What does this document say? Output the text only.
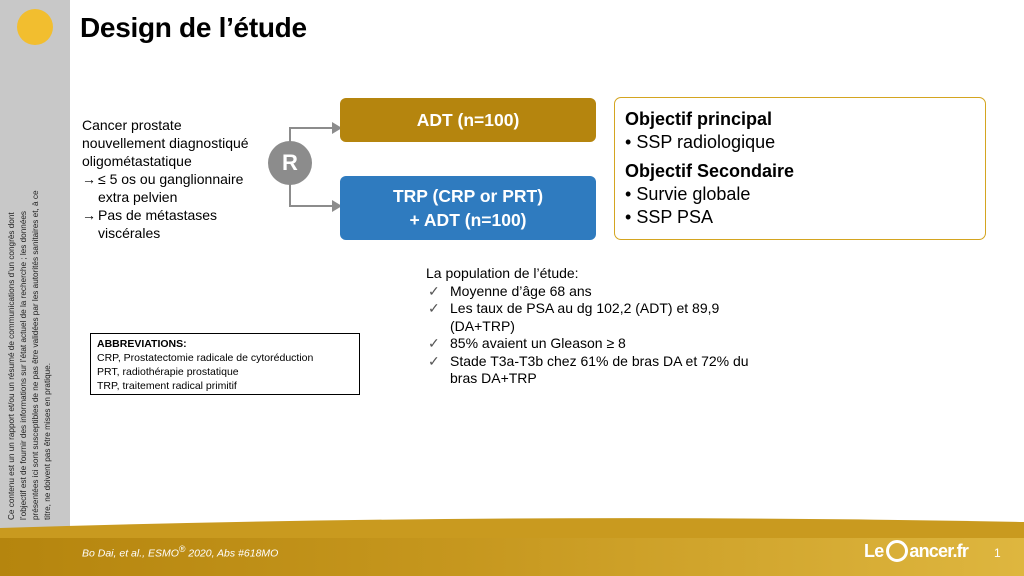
Ce contenu est un un rapport et/ou un résumé de communications d’un congrès dont l’objectif est de fournir des informations sur l’état actuel de la recherche ; les données présentées ici sont susceptibles de ne pas être validées par les autorités sanitaires et, à ce titre, ne doivent pas être mises en pratique.
Design de l’étude
Cancer prostate
nouvellement diagnostiqué
oligométastatique
→ ≤ 5 os ou ganglionnaire
extra pelvien
→ Pas de métastases
viscérales
R
ADT (n=100)
TRP (CRP or PRT)
+ ADT (n=100)
Objectif principal
• SSP radiologique
Objectif Secondaire
• Survie globale
• SSP PSA
ABBREVIATIONS:
CRP, Prostatectomie radicale de cytoréduction
PRT, radiothérapie prostatique
TRP, traitement radical primitif
La population de l’étude:
✓ Moyenne d’âge 68 ans
✓ Les taux de PSA au dg 102,2 (ADT) et 89,9
(DA+TRP)
✓ 85% avaient un Gleason ≥ 8
✓ Stade T3a-T3b chez 61% de bras DA et 72% du
bras DA+TRP
Bo Dai, et al., ESMO® 2020, Abs #618MO	Le ancer.fr 1
